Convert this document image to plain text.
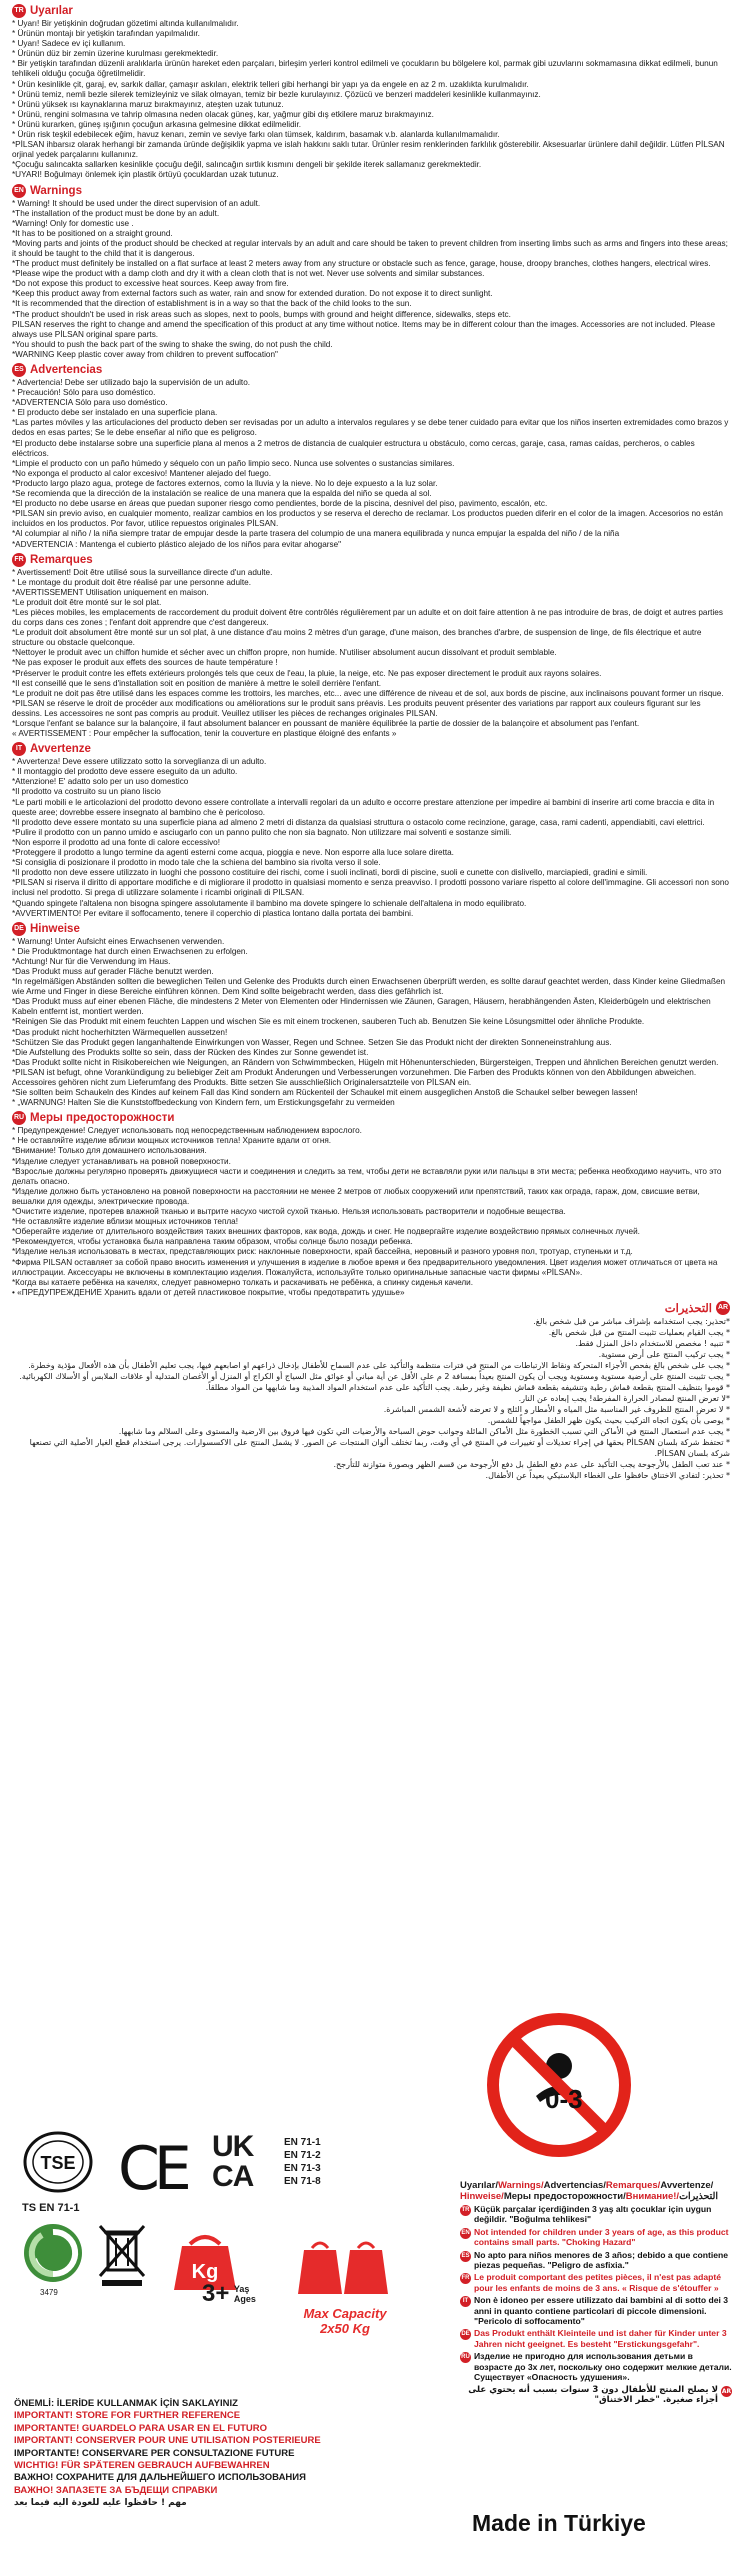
TR Uyarılar
* Uyarı! Bir yetişkinin doğrudan gözetimi altında kullanılmalıdır.
* Ürünün montajı bir yetişkin tarafından yapılmalıdır.
* Uyarı! Sadece ev içi kullanım.
* Ürünün düz bir zemin üzerine kurulması gerekmektedir.
* Bir yetişkin tarafından düzenli aralıklarla ürünün hareket eden parçaları, birleşim yerleri kontrol edilmeli ve çocukların bu bölgelere kol, parmak gibi uzuvlarını sokmamasına dikkat edilmeli, bunun tehlikeli olduğu çocuğa öğretilmelidir.
* Ürün kesinlikle çit, garaj, ev, sarkık dallar, çamaşır askıları, elektrik telleri gibi herhangi bir yapı ya da engele en az 2 m. uzaklıkta kurulmalıdır.
* Ürünü temiz, nemli bezle silerek temizleyiniz ve silak olmayan, temiz bir bezle kurulayınız. Çözücü ve benzeri maddeleri kesinlikle kullanmayınız.
* Ürünü yüksek ısı kaynaklarına maruz bırakmayınız, ateşten uzak tutunuz.
* Ürünü, rengini solmasına ve tahrip olmasına neden olacak güneş, kar, yağmur gibi dış etkilere maruz bırakmayınız.
* Ürünü kurarken, güneş ışığının çocuğun arkasına gelmesine dikkat edilmelidir.
* Ürün risk teşkil edebilecek eğim, havuz kenarı, zemin ve seviye farkı olan tümsek, kaldırım, basamak v.b. alanlarda kullanılmamalıdır.
*PİLSAN ihbarsız olarak herhangi bir zamanda üründe değişiklik yapma ve islah hakkını saklı tutar. Ürünler resim renklerinden farklılık gösterebilir. Aksesuarlar ürünlere dahil değildir. Lütfen PİLSAN orjinal yedek parçalarını kullanınız.
*Çocuğu salıncakta sallarken kesinlikle çocuğu değil, salıncağın sırtlık kısmını dengeli bir şekilde iterek sallamanız gerekmektedir.
*UYARI! Boğulmayı önlemek için plastik örtüyü çocuklardan uzak tutunuz.
EN Warnings
* Warning! It should be used under the direct supervision of an adult.
*The installation of the product must be done by an adult.
*Warning! Only for domestic use .
*It has to be positioned on a straight ground.
*Moving parts and joints of the product should be checked at regular intervals by an adult and care should be taken to prevent children from inserting limbs such as arms and fingers into these areas; it should be taught to the child that it is dangerous.
*The product must definitely be installed on a flat surface at least 2 meters away from any structure or obstacle such as fence, garage, house, droopy branches, clothes hangers, electrical wires.
*Please wipe the product with a damp cloth and dry it with a clean cloth that is not wet. Never use solvents and similar substances.
*Do not expose this product to excessive heat sources. Keep away from fire.
*Keep this product away from external factors such as water, rain and snow for extended duration. Do not expose it to direct sunlight.
*It is recommended that the direction of establishment is in a way so that the back of the child looks to the sun.
*The product shouldn't be used in risk areas such as slopes, next to pools, bumps with ground and height difference, sidewalks, steps etc.
PILSAN reserves the right to change and amend the specification of this product at any time without notice. Items may be in different colour than the images. Accessories are not included. Please always use PİLSAN original spare parts.
*You should to push the back part of the swing to shake the swing, do not push the child.
*WARNING Keep plastic cover away from children to prevent suffocation"
ES Advertencias
* Advertencia! Debe ser utilizado bajo la supervisión de un adulto.
* Precaución! Sólo para uso doméstico.
*ADVERTENCIA Sólo para uso doméstico.
* El producto debe ser instalado en una superficie plana.
*Las partes móviles y las articulaciones del producto deben ser revisadas por un adulto a intervalos regulares y se debe tener cuidado para evitar que los niños inserten extremidades como brazos y dedos en esas partes; Se le debe enseñar al niño que es peligroso.
*El producto debe instalarse sobre una superficie plana al menos a 2 metros de distancia de cualquier estructura u obstáculo, como cercas, garaje, casa, ramas caídas, percheros, o cables eléctricos.
*Limpie el producto con un paño húmedo y séquelo con un paño limpio seco. Nunca use solventes o sustancias similares.
*No exponga el producto al calor excesivo! Mantener alejado del fuego.
*Producto largo plazo agua, protege de factores externos, como la lluvia y la nieve. No lo deje expuesto a la luz solar.
*Se recomienda que la dirección de la instalación se realice de una manera que la espalda del niño se queda al sol.
*El producto no debe usarse en áreas que puedan suponer riesgo como pendientes, borde de la piscina, desnivel del piso, pavimento, escalón, etc.
*PILSAN sin previo aviso, en cualquier momento, realizar cambios en los productos y se reserva el derecho de reclamar. Los productos pueden diferir en el color de la imagen. Accesorios no están incluidos en los productos. Por favor, utilice repuestos originales PİLSAN.
*Al columpiar al niño / la niña siempre tratar de empujar desde la parte trasera del columpio de una manera equilibrada y nunca empujar la espalda del niño / de la niña
*ADVERTENCIA : Mantenga el cubierto plástico alejado de los niños para evitar ahogarse"
FR Remarques
* Avertissement! Doit être utilisé sous la surveillance directe d'un adulte.
* Le montage du produit doit être réalisé par une personne adulte.
*AVERTISSEMENT Utilisation uniquement en maison.
*Le produit doit être monté sur le sol plat.
*Les pièces mobiles, les emplacements de raccordement du produit doivent être contrôlés régulièrement par un adulte et on doit faire attention à ne pas introduire de bras, de doigt et autres parties du corps dans ces zones ; l'enfant doit apprendre que c'est dangereux.
*Le produit doit absolument être monté sur un sol plat, à une distance d'au moins 2 mètres d'un garage, d'une maison, des branches d'arbre, de suspension de linge, de fils électrique et autre structure ou obstacle quelconque.
*Nettoyer le produit avec un chiffon humide et sécher avec un chiffon propre, non humide. N'utiliser absolument aucun dissolvant et produit semblable.
*Ne pas exposer le produit aux effets des sources de haute température !
*Préserver le produit contre les effets extérieurs prolongés tels que ceux de l'eau, la pluie, la neige, etc. Ne pas exposer directement le produit aux rayons solaires.
*Il est conseillé que le sens d'installation soit en position de manière à mettre le soleil derrière l'enfant.
*Le produit ne doit pas être utilisé dans les espaces comme les trottoirs, les marches, etc... avec une différence de niveau et de sol, aux bords de piscine, aux inclinaisons pouvant former un risque.
*PILSAN se réserve le droit de procéder aux modifications ou améliorations sur le produit sans préavis. Les produits peuvent présenter des variations par rapport aux couleurs figurant sur les dessins. Les accessoires ne sont pas compris au produit. Veuillez utiliser les pièces de rechanges originales PILSAN.
*Lorsque l'enfant se balance sur la balançoire, il faut absolument balancer en poussant de manière équilibrée la partie de dossier de la balançoire et absolument pas l'enfant.
« AVERTISSEMENT : Pour empêcher la suffocation, tenir la couverture en plastique éloigné des enfants »
IT Avvertenze
* Avvertenza! Deve essere utilizzato sotto la sorveglianza di un adulto.
* Il montaggio del prodotto deve essere eseguito da un adulto.
*Attenzione! E' adatto solo per un uso domestico
*Il prodotto va costruito su un piano liscio
*Le parti mobili e le articolazioni del prodotto devono essere controllate a intervalli regolari da un adulto e occorre prestare attenzione per impedire ai bambini di inserire arti come braccia e dita in queste aree; dovrebbe essere insegnato al bambino che è pericoloso.
*Il prodotto deve essere montato su una superficie piana ad almeno 2 metri di distanza da qualsiasi struttura o ostacolo come recinzione, garage, casa, rami cadenti, appendiabiti, cavi elettrici.
*Pulire il prodotto con un panno umido e asciugarlo con un panno pulito che non sia bagnato. Non utilizzare mai solventi e sostanze simili.
*Non esporre il prodotto ad una fonte di calore eccessivo!
*Proteggere il prodotto a lungo termine da agenti esterni come acqua, pioggia e neve. Non esporre alla luce solare diretta.
*Si consiglia di posizionare il prodotto in modo tale che la schiena del bambino sia rivolta verso il sole.
*Il prodotto non deve essere utilizzato in luoghi che possono costituire dei rischi, come i suoli inclinati, bordi di piscine, suoli e cunette con dislivello, marciapiedi, gradini e simili.
*PILSAN si riserva il diritto di apportare modifiche e di migliorare il prodotto in qualsiasi momento e senza preavviso. I prodotti possono variare rispetto al colore dell'immagine. Gli accessori non sono inclusi nel prodotto. Si prega di utilizzare solamente i ricambi originali di PILSAN.
*Quando spingete l'altalena non bisogna spingere assolutamente il bambino ma dovete spingere lo schienale dell'altalena in modo equilibrato.
*AVVERTIMENTO! Per evitare il soffocamento, tenere il coperchio di plastica lontano dalla portata dei bambini.
DE Hinweise
* Warnung! Unter Aufsicht eines Erwachsenen verwenden.
* Die Produktmontage hat durch einen Erwachsenen zu erfolgen.
*Achtung! Nur für die Verwendung im Haus.
*Das Produkt muss auf gerader Fläche benutzt werden.
*In regelmäßigen Abständen sollten die beweglichen Teilen und Gelenke des Produkts durch einen Erwachsenen überprüft werden, es sollte darauf geachtet werden, dass Kinder keine Gliedmaßen wie Arme und Finger in diese Bereiche einführen können. Dem Kind sollte beigebracht werden, dass dies gefährlich ist.
*Das Produkt muss auf einer ebenen Fläche, die mindestens 2 Meter von Elementen oder Hindernissen wie Zäunen, Garagen, Häusern, herabhängenden Ästen, Kleiderbügeln und elektrischen Kabeln entfernt ist, montiert werden.
*Reinigen Sie das Produkt mit einem feuchten Lappen und wischen Sie es mit einem trockenen, sauberen Tuch ab. Benutzen Sie keine Lösungsmittel oder ähnliche Produkte.
*Das produkt nicht hocherhitzten Wärmequellen aussetzen!
*Schützen Sie das Produkt gegen langanhaltende Einwirkungen von Wasser, Regen und Schnee. Setzen Sie das Produkt nicht der direkten Sonneneinstrahlung aus.
*Die Aufstellung des Produkts sollte so sein, dass der Rücken des Kindes zur Sonne gewendet ist.
*Das Produkt sollte nicht in Risikobereichen wie Neigungen, an Rändern von Schwimmbecken, Hügeln mit Höhenunterschieden, Bürgersteigen, Treppen und ähnlichen Bereichen genutzt werden.
*PILSAN ist befugt, ohne Vorankündigung zu beliebiger Zeit am Produkt Änderungen und Verbesserungen vorzunehmen. Die Farben des Produkts können von den Abbildungen abweichen. Accessoires gehören nicht zum Lieferumfang des Produkts. Bitte setzen Sie ausschließlich Originalersatzteile von PİLSAN ein.
*Sie sollten beim Schaukeln des Kindes auf keinem Fall das Kind sondern am Rückenteil der Schaukel mit einem ausgeglichen Anstoß die Schaukel selber bewegen lassen!
* „WARNUNG! Halten Sie die Kunststoffbedeckung von Kindern fern, um Erstickungsgefahr zu vermeiden
RU Меры предосторожности
* Предупреждение! Следует использовать под непосредственным наблюдением взрослого.
* Не оставляйте изделие вблизи мощных источников тепла! Храните вдали от огня.
*Внимание! Только для домашнего использования.
*Изделие следует устанавливать на ровной поверхности.
*Взрослые должны регулярно проверять движущиеся части и соединения и следить за тем, чтобы дети не вставляли руки или пальцы в эти места; ребенка необходимо научить, что это делать опасно.
*Изделие должно быть установлено на ровной поверхности на расстоянии не менее 2 метров от любых сооружений или препятствий, таких как ограда, гараж, дом, свисшие ветви, вешалки для одежды, электрические провода.
*Очистите изделие, протерев влажной тканью и вытрите насухо чистой сухой тканью. Нельзя использовать растворители и подобные вещества.
*Не оставляйте изделие вблизи мощных источников тепла!
*Оберегайте изделие от длительного воздействия таких внешних факторов, как вода, дождь и снег. Не подвергайте изделие воздействию прямых солнечных лучей.
*Рекомендуется, чтобы установка была направлена таким образом, чтобы солнце было позади ребенка.
*Изделие нельзя использовать в местах, представляющих риск: наклонные поверхности, край бассейна, неровный и разного уровня пол, тротуар, ступеньки и т.д.
*Фирма PILSAN оставляет за собой право вносить изменения и улучшения в изделие в любое время и без предварительного уведомления. Цвет изделия может отличаться от цвета на иллюстрации. Аксессуары не включены в комплектацию изделия. Пожалуйста, используйте только оригинальные запасные части фирмы «PİLSAN».
*Когда вы катаете ребёнка на качелях, следует равномерно толкать и раскачивать не ребёнка, а спинку сиденья качели.
• «ПРЕДУПРЕЖДЕНИЕ Хранить вдали от детей пластиковое покрытие, чтобы предотвратить удушье»
التحذيرات AR
*تحذير: يجب استخدامه بإشراف مباشر من قبل شخص بالغ.
* يجب القيام بعمليات تثبيت المنتج من قبل شخص بالغ.
* تنبيه ! مخصص للاستخدام داخل المنزل فقط.
* يجب تركيب المنتج على أرض مستوية.
* يجب على شخص بالغ بفحص الأجزاء المتحركة ونقاط الارتباطات من المنتج في فترات منتظمة والتأكيد على عدم السماح للأطفال بإدخال ذراعهم او اصابعهم فيها، يجب تعليم الأطفال بأن هذه الأفعال مؤذية وخطرة.
* يجب تثبيت المنتج على أرضية مستوية ومستوية ويجب أن يكون المنتج بعيداً بمسافة 2 م على الأقل عن أية مباني أو عوائق مثل السياج أو الكراج أو المنزل أو الأغصان المتدلية أو علاقات الملابس أو الأسلاك الكهربائية.
* قوموا بتنظيف المنتج بقطعة قماش رطبة وتنشيفه بقطعة قماش نظيفة وغير رطبة. يجب التأكيد على عدم استخدام المواد المذيبة وما شابهها من المواد مطلقاً.
*لا تعرض المنتج لمصادر الحرارة المفرطة! يجب إبعاده عن النار.
* لا تعرض المنتج للظروف غير المناسبة مثل المياه و الأمطار و الثلج و لا تعرضه لأشعة الشمس المباشرة.
* يوصى بأن يكون اتجاه التركيب بحيث يكون ظهر الطفل مواجهاً للشمس.
* يجب عدم استعمال المنتج في الأماكن التي تسبب الخطورة مثل الأماكن المائلة وجوانب حوض السباحة والأرضيات التي تكون فيها فروق بين الارضية والمستوى وعلى السلالم وما شابهها.
* تحتفظ شركة بلسان PİLSAN بحقها في إجراء تعديلات أو تغييرات في المنتج في أي وقت، ربما تختلف ألوان المنتجات عن الصور. لا يشمل المنتج على الاكسسوارات. يرجى استخدام قطع الغيار الأصلية التي تصنعها شركة بلسان PİLSAN.
* عند تعب الطفل بالأرجوحة يجب التأكيد على عدم دفع الطفل بل دفع الأرجوحة من قسم الظهر وبصورة متوازنة للتأرجح.
* تحذير: لتفادي الاختناق حافظوا على الغطاء البلاستيكي بعيداً عن الأطفال.
0-3
TSE
TS EN 71-1
CE UK
CA
EN 71-1
EN 71-2
EN 71-3
EN 71-8
3479
Kg
3+ Yaş
Ages
Max Capacity
2x50 Kg
ÖNEMLİ: İLERİDE KULLANMAK İÇİN SAKLAYINIZ
IMPORTANT! STORE FOR FURTHER REFERENCE
IMPORTANTE! GUARDELO PARA USAR EN EL FUTURO
IMPORTANT! CONSERVER POUR UNE UTILISATION POSTERIEURE
IMPORTANTE! CONSERVARE PER CONSULTAZIONE FUTURE
WICHTIG! FÜR SPÄTEREN GEBRAUCH AUFBEWAHREN
ВАЖНО! СОХРАНИТЕ ДЛЯ ДАЛЬНЕЙШЕГО ИСПОЛЬЗОВАНИЯ
ВАЖНО! ЗАПАЗЕТЕ ЗА БЪДЕЩИ СПРАВКИ
مهم ! حافظوا عليه للعودة اليه فيما بعد
Uyarılar/Warnings/Advertencias/Remarques/Avvertenze/
Hinweise/Меры предосторожности/Внимание!/التحذيرات
TR Küçük parçalar içerdiğinden 3 yaş altı çocuklar için uygun değildir. "Boğulma tehlikesi"
EN Not intended for children under 3 years of age, as this product contains small parts. "Choking Hazard"
ES No apto para niños menores de 3 años; debido a que contiene piezas pequeñas. "Peligro de asfixia."
FR Le produit comportant des petites pièces, il n'est pas adapté pour les enfants de moins de 3 ans. « Risque de s'étouffer »
IT Non è idoneo per essere utilizzato dai bambini al di sotto dei 3 anni in quanto contiene particolari di piccole dimensioni. "Pericolo di soffocamento"
DE Das Produkt enthält Kleinteile und ist daher für Kinder unter 3 Jahren nicht geeignet. Es besteht "Erstickungsgefahr".
RU Изделие не пригодно для использования детьми в возрасте до 3х лет, поскольку оно содержит мелкие детали. Существует «Опасность удушения».
AR
لا يصلح المنتج للأطفال دون 3 سنوات بسبب أنه يحتوي على أجزاء صغيرة. "خطر الاختناق"
Made in Türkiye
